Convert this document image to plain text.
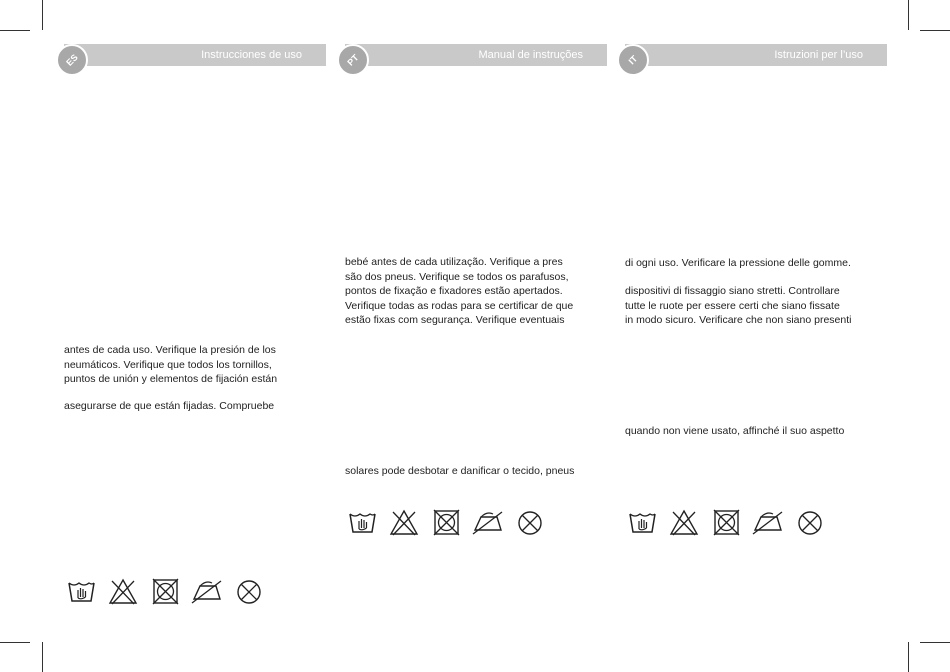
Instrucciones de uso
ES

antes de cada uso. Verifique la presión de los
neumáticos. Verifique que todos los tornillos,
puntos de unión y elementos de fijación están

asegurarse de que están fijadas. Compruebe

Manual de instruções
PT

bebé antes de cada utilização. Verifique a pres
são dos pneus. Verifique se todos os parafusos,
pontos de fixação e fixadores estão apertados.
Verifique todas as rodas para se certificar de que
estão fixas com segurança. Verifique eventuais

solares pode desbotar e danificar o tecido, pneus

Istruzioni per l’uso
IT

di ogni uso. Verificare la pressione delle gomme.

dispositivi di fissaggio siano stretti. Controllare
tutte le ruote per essere certi che siano fissate
in modo sicuro. Verificare che non siano presenti

quando non viene usato, affinché il suo aspetto
